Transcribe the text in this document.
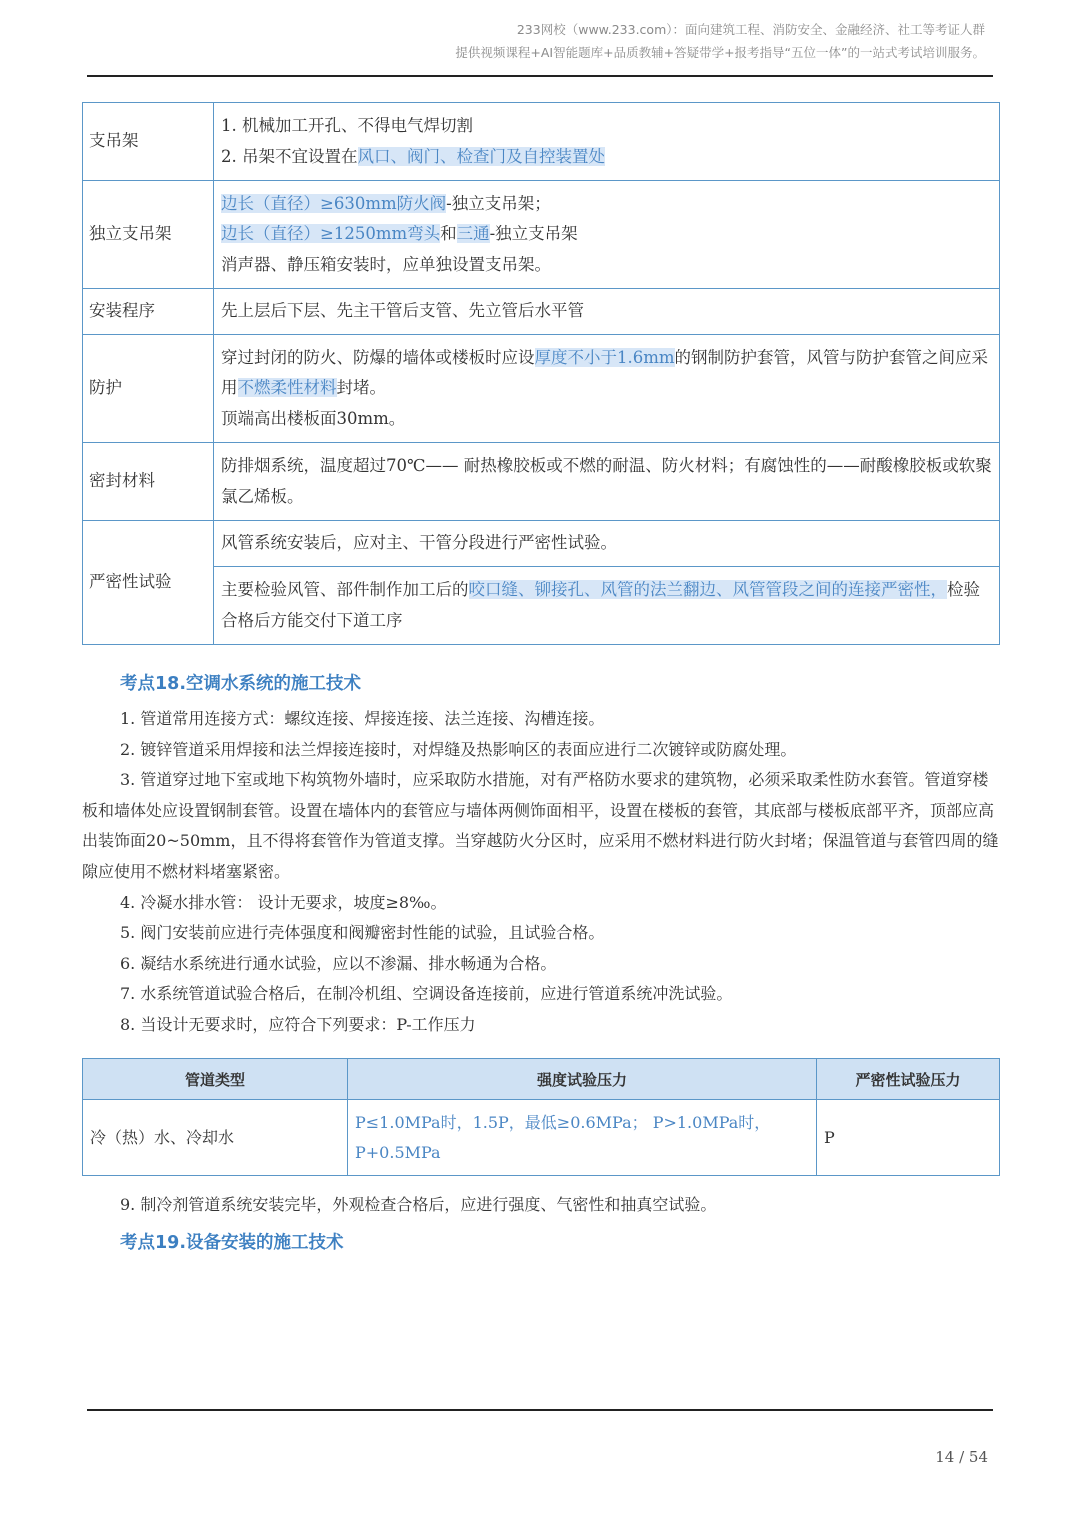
233网校（www.233.com）：面向建筑工程、消防安全、金融经济、社工等考证人群
提供视频课程+AI智能题库+品质教辅+答疑带学+报考指导“五位一体”的一站式考试培训服务。
支吊架	1. 机械加工开孔、不得电气焊切割
2. 吊架不宜设置在风口、阀门、检查门及自控装置处

独立支吊架	边长（直径）≥630mm防火阀-独立支吊架；
边长（直径）≥1250mm弯头和三通-独立支吊架
消声器、静压箱安装时，应单独设置支吊架。

安装程序	先上层后下层、先主干管后支管、先立管后水平管
防护	穿过封闭的防火、防爆的墙体或楼板时应设厚度不小于1.6mm的钢制防护套管，风管与防护套管之间应采用不燃柔性材料封堵。
顶端高出楼板面30mm。

密封材料	防排烟系统，温度超过70℃—— 耐热橡胶板或不燃的耐温、防火材料；有腐蚀性的——耐酸橡胶板或软聚氯乙烯板。
严密性试验	风管系统安装后，应对主、干管分段进行严密性试验。
	主要检验风管、部件制作加工后的咬口缝、铆接孔、风管的法兰翻边、风管管段之间的连接严密性，检验合格后方能交付下道工序
考点18.空调水系统的施工技术

1. 管道常用连接方式：螺纹连接、焊接连接、法兰连接、沟槽连接。

2. 镀锌管道采用焊接和法兰焊接连接时，对焊缝及热影响区的表面应进行二次镀锌或防腐处理。

3. 管道穿过地下室或地下构筑物外墙时，应采取防水措施，对有严格防水要求的建筑物，必须采取柔性防水套管。管道穿楼板和墙体处应设置钢制套管。设置在墙体内的套管应与墙体两侧饰面相平，设置在楼板的套管，其底部与楼板底部平齐，顶部应高出装饰面20~50mm，且不得将套管作为管道支撑。当穿越防火分区时，应采用不燃材料进行防火封堵；保温管道与套管四周的缝隙应使用不燃材料堵塞紧密。

4. 冷凝水排水管： 设计无要求，坡度≥8‰。

5. 阀门安装前应进行壳体强度和阀瓣密封性能的试验，且试验合格。

6. 凝结水系统进行通水试验，应以不渗漏、排水畅通为合格。

7. 水系统管道试验合格后，在制冷机组、空调设备连接前，应进行管道系统冲洗试验。

8. 当设计无要求时，应符合下列要求：P-工作压力

管道类型	强度试验压力	严密性试验压力
冷（热）水、冷却水	P≤1.0MPa时，1.5P，最低≥0.6MPa； P>1.0MPa时，P+0.5MPa	P

9. 制冷剂管道系统安装完毕，外观检查合格后，应进行强度、气密性和抽真空试验。

考点19.设备安装的施工技术
14 / 54
